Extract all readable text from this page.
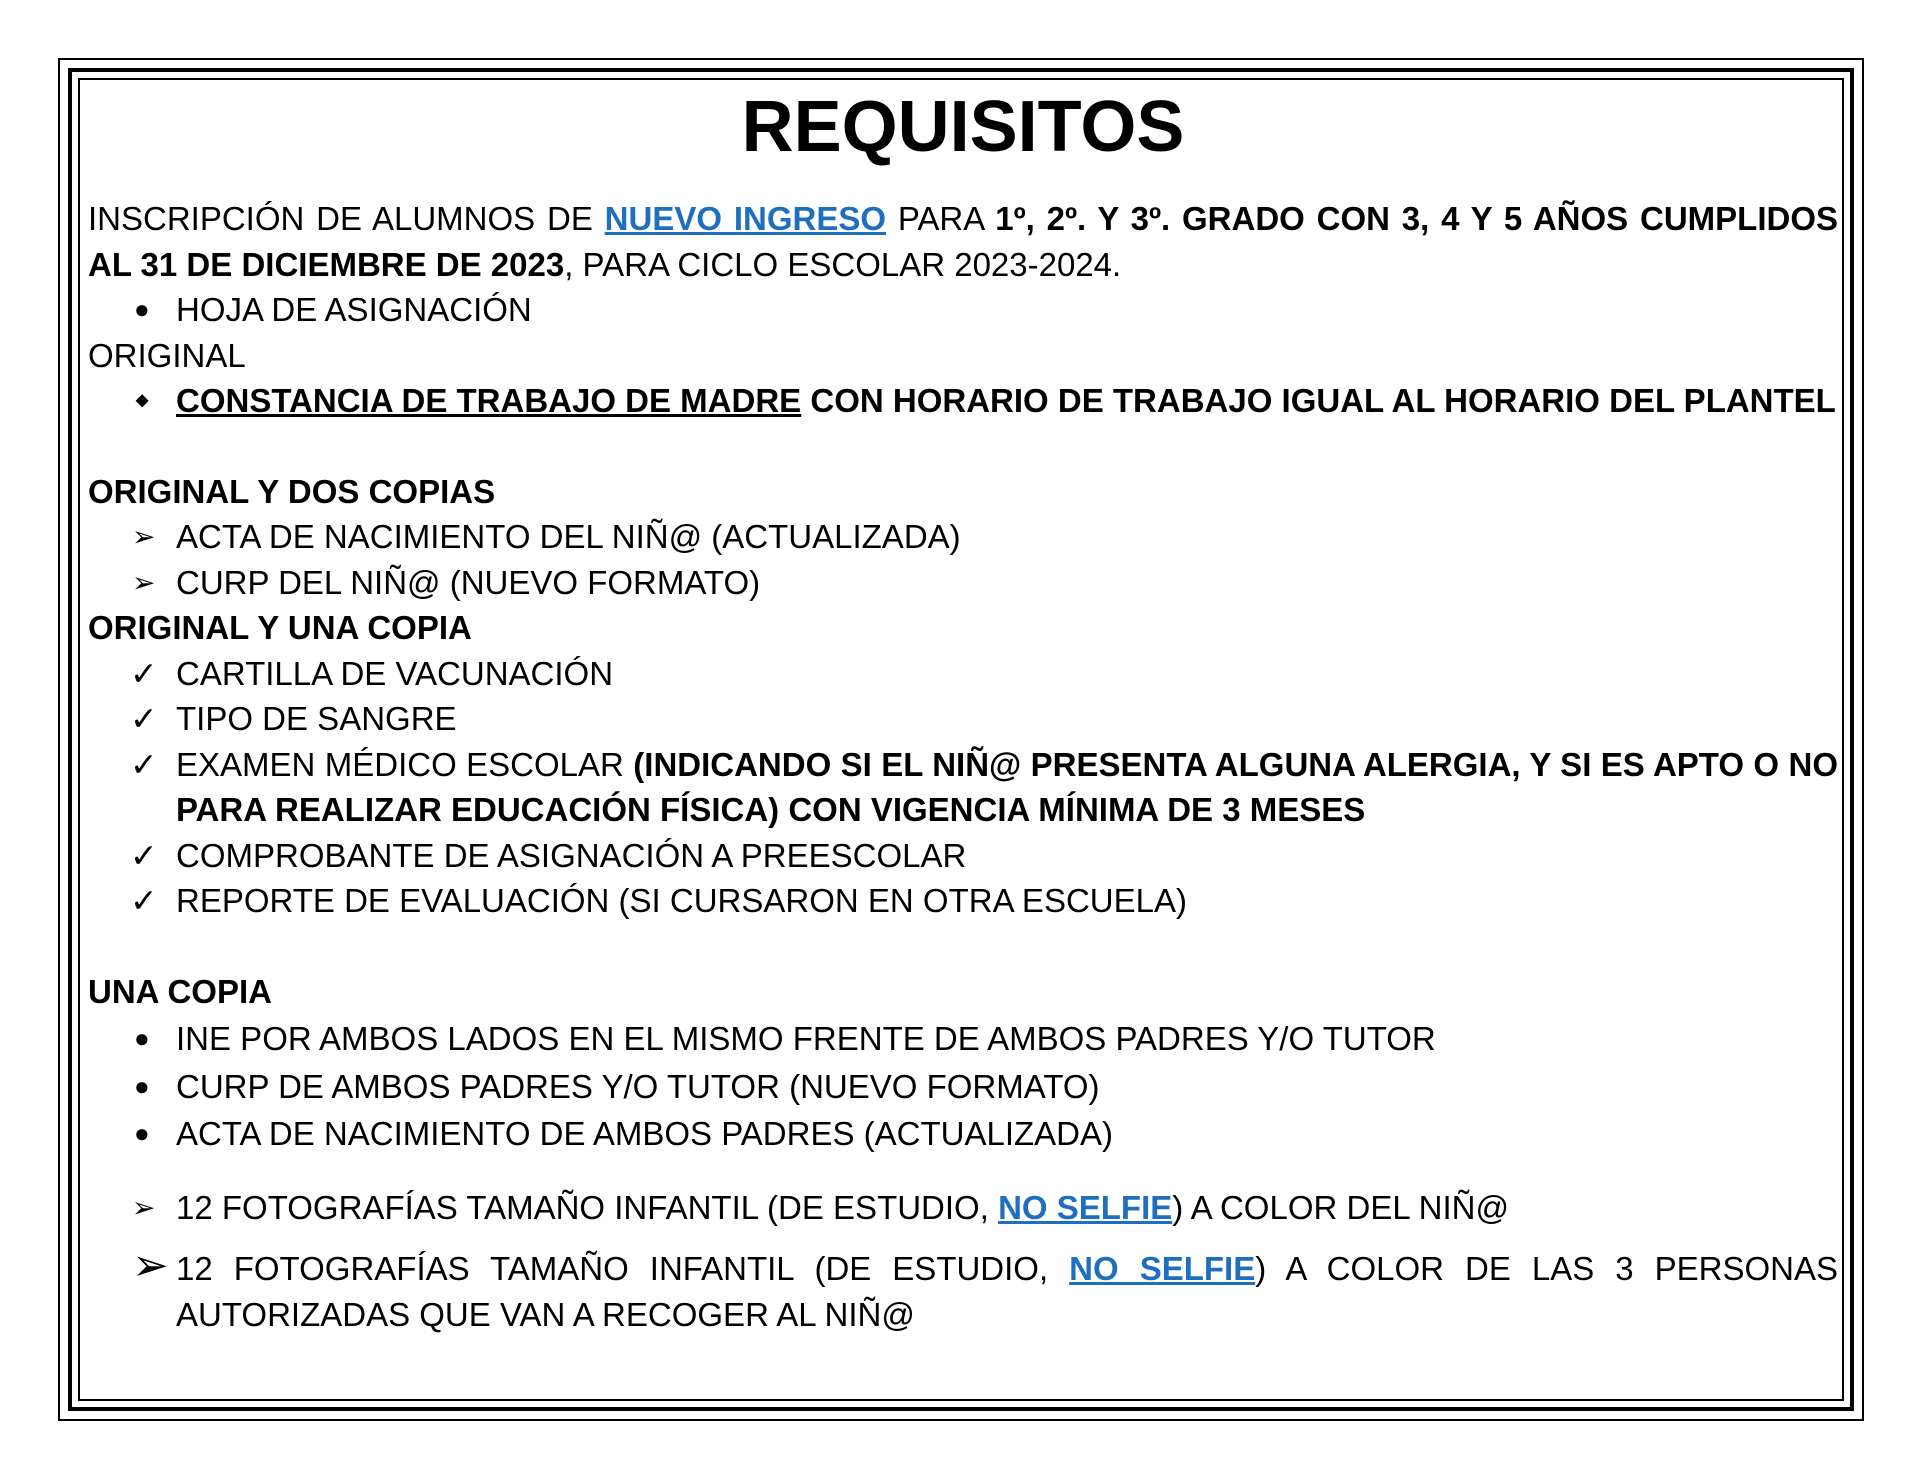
REQUISITOS

INSCRIPCIÓN DE ALUMNOS DE NUEVO INGRESO PARA 1º, 2º. Y 3º. GRADO CON 3, 4 Y 5 AÑOS CUMPLIDOS AL 31 DE DICIEMBRE DE 2023, PARA CICLO ESCOLAR 2023-2024.

● HOJA DE ASIGNACIÓN

ORIGINAL

◆ CONSTANCIA DE TRABAJO DE MADRE CON HORARIO DE TRABAJO IGUAL AL HORARIO DEL PLANTEL

ORIGINAL Y DOS COPIAS

➢ ACTA DE NACIMIENTO DEL NIÑ@ (ACTUALIZADA)

➢ CURP DEL NIÑ@ (NUEVO FORMATO)

ORIGINAL Y UNA COPIA

✓ CARTILLA DE VACUNACIÓN

✓ TIPO DE SANGRE

✓ EXAMEN MÉDICO ESCOLAR (INDICANDO SI EL NIÑ@ PRESENTA ALGUNA ALERGIA, Y SI ES APTO O NO PARA REALIZAR EDUCACIÓN FÍSICA) CON VIGENCIA MÍNIMA DE 3 MESES

✓ COMPROBANTE DE ASIGNACIÓN A PREESCOLAR

✓ REPORTE DE EVALUACIÓN (SI CURSARON EN OTRA ESCUELA)

UNA COPIA

● INE POR AMBOS LADOS EN EL MISMO FRENTE DE AMBOS PADRES Y/O TUTOR

● CURP DE AMBOS PADRES Y/O TUTOR (NUEVO FORMATO)

● ACTA DE NACIMIENTO DE AMBOS PADRES (ACTUALIZADA)

➢ 12 FOTOGRAFÍAS TAMAÑO INFANTIL (DE ESTUDIO, NO SELFIE) A COLOR DEL NIÑ@

➢ 12 FOTOGRAFÍAS TAMAÑO INFANTIL (DE ESTUDIO, NO SELFIE) A COLOR DE LAS 3 PERSONAS AUTORIZADAS QUE VAN A RECOGER AL NIÑ@
